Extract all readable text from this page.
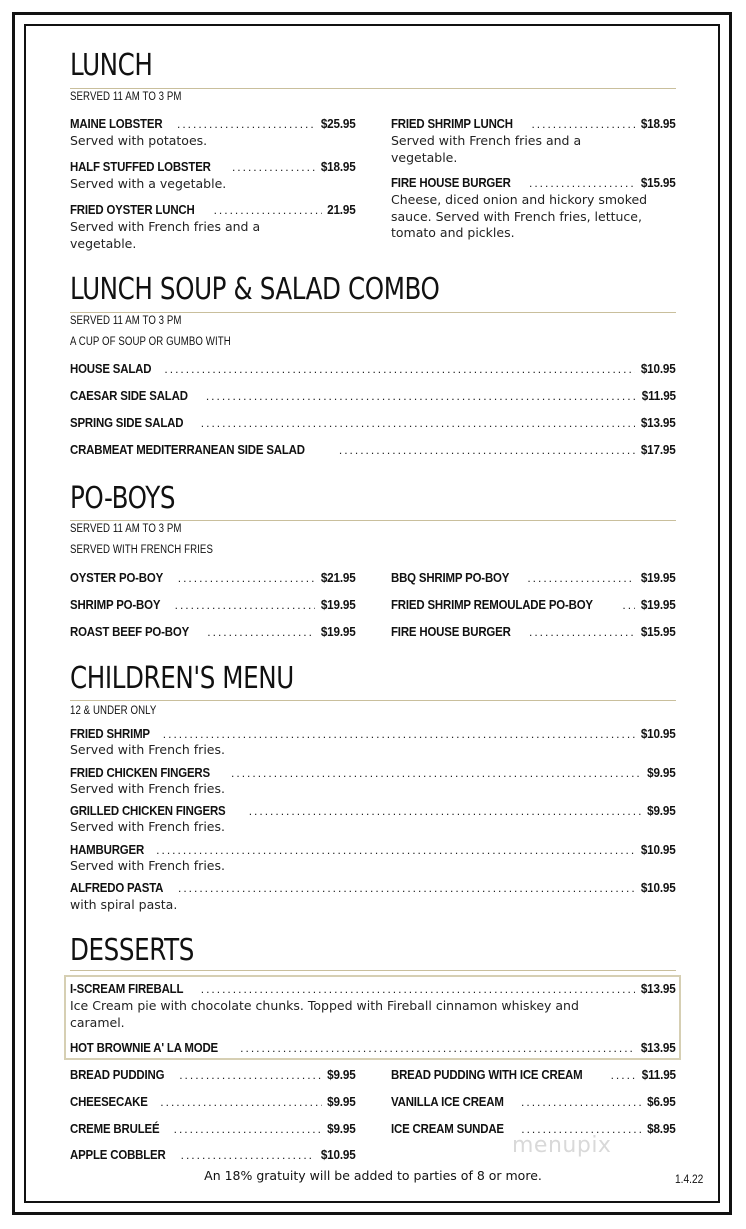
LUNCH
SERVED 11 AM TO 3 PM
MAINE LOBSTER .....	$25.95
Served with potatoes.
HALF STUFFED LOBSTER .....	$18.95
Served with a vegetable.
FRIED OYSTER LUNCH .....	21.95
Served with French fries and a vegetable.
FRIED SHRIMP LUNCH .....	$18.95
Served with French fries and a vegetable.
FIRE HOUSE BURGER .....	$15.95
Cheese, diced onion and hickory smoked sauce. Served with French fries, lettuce, tomato and pickles.
LUNCH SOUP & SALAD COMBO
SERVED 11 AM TO 3 PM
A CUP OF SOUP OR GUMBO WITH
HOUSE SALAD .....	$10.95
CAESAR SIDE SALAD .....	$11.95
SPRING SIDE SALAD .....	$13.95
CRABMEAT MEDITERRANEAN SIDE SALAD .....	$17.95
PO-BOYS
SERVED 11 AM TO 3 PM
SERVED WITH FRENCH FRIES
OYSTER PO-BOY .....	$21.95
SHRIMP PO-BOY .....	$19.95
ROAST BEEF PO-BOY .....	$19.95
BBQ SHRIMP PO-BOY .....	$19.95
FRIED SHRIMP REMOULADE PO-BOY .....	$19.95
FIRE HOUSE BURGER .....	$15.95
CHILDREN'S MENU
12 & UNDER ONLY
FRIED SHRIMP .....	$10.95
Served with French fries.
FRIED CHICKEN FINGERS .....	$9.95
Served with French fries.
GRILLED CHICKEN FINGERS .....	$9.95
Served with French fries.
HAMBURGER .....	$10.95
Served with French fries.
ALFREDO PASTA .....	$10.95
with spiral pasta.
DESSERTS
I-SCREAM FIREBALL .....	$13.95
Ice Cream pie with chocolate chunks. Topped with Fireball cinnamon whiskey and caramel.
HOT BROWNIE A' LA MODE .....	$13.95
BREAD PUDDING .....	$9.95
CHEESECAKE .....	$9.95
CREME BRULEÉ .....	$9.95
APPLE COBBLER .....	$10.95
BREAD PUDDING WITH ICE CREAM .....	$11.95
VANILLA ICE CREAM .....	$6.95
ICE CREAM SUNDAE .....	$8.95
menupix
An 18% gratuity will be added to parties of 8 or more.	1.4.22
